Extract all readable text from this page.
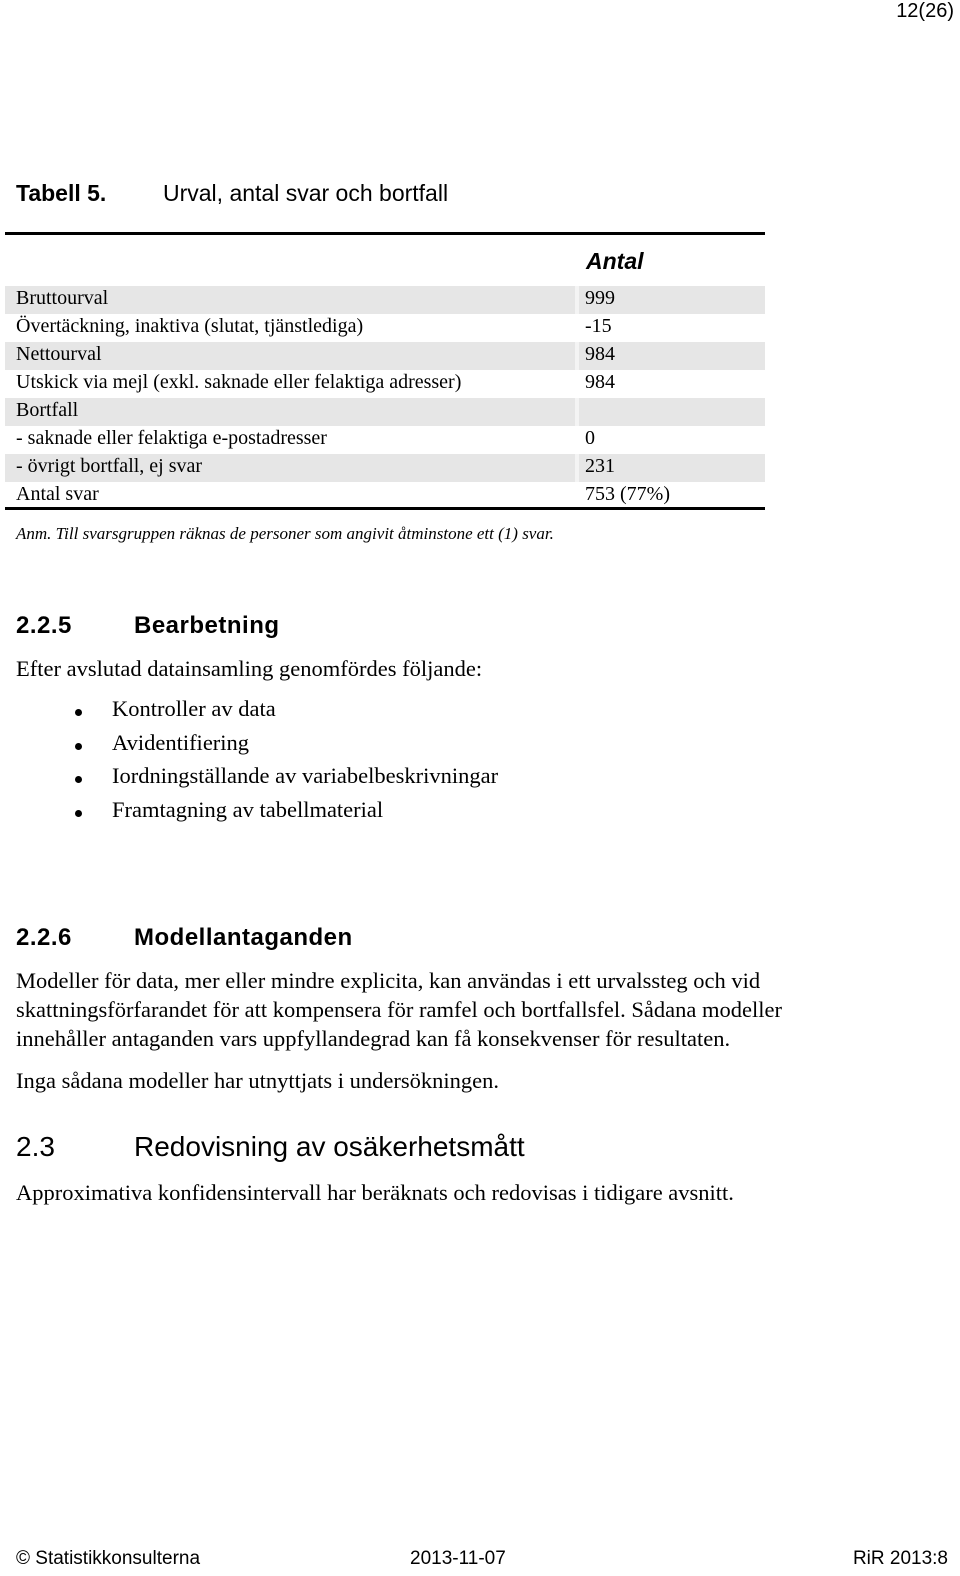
12(26)
Tabell 5. Urval, antal svar och bortfall
Antal
Bruttourval	999
Övertäckning, inaktiva (slutat, tjänstlediga)	-15
Nettourval	984
Utskick via mejl (exkl. saknade eller felaktiga adresser)	984
Bortfall
- saknade eller felaktiga e-postadresser	0
- övrigt bortfall, ej svar	231
Antal svar	753 (77%)
Anm. Till svarsgruppen räknas de personer som angivit åtminstone ett (1) svar.
2.2.5	Bearbetning
Efter avslutad datainsamling genomfördes följande:
Kontroller av data
Avidentifiering
Iordningställande av variabelbeskrivningar
Framtagning av tabellmaterial
2.2.6	Modellantaganden
Modeller för data, mer eller mindre explicita, kan användas i ett urvalssteg och vid
skattningsförfarandet för att kompensera för ramfel och bortfallsfel. Sådana modeller
innehåller antaganden vars uppfyllandegrad kan få konsekvenser för resultaten.
Inga sådana modeller har utnyttjats i undersökningen.
2.3	Redovisning av osäkerhetsmått
Approximativa konfidensintervall har beräknats och redovisas i tidigare avsnitt.
© Statistikkonsulterna	2013-11-07	RiR 2013:8
